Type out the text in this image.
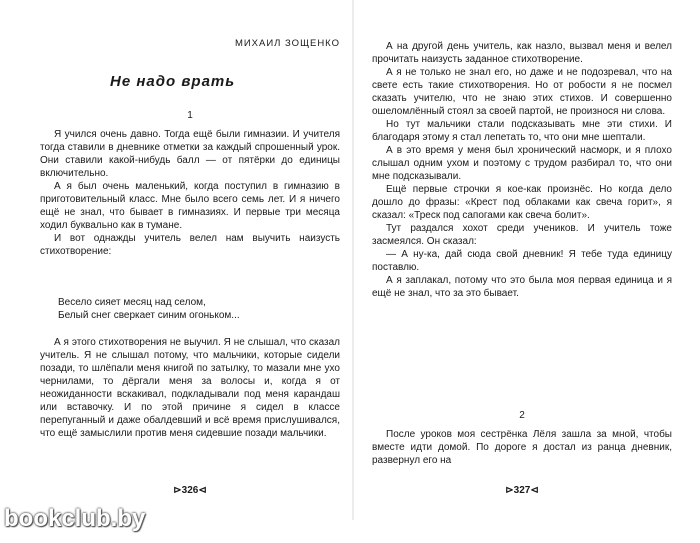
МИХАИЛ ЗОЩЕНКО
Не надо врать
1

Я учился очень давно. Тогда ещё были гимназии. И учителя тогда ставили в дневнике отметки за каждый спрошенный урок. Они ставили какой-нибудь балл — от пятёрки до единицы включительно.

А я был очень маленький, когда поступил в гимназию в приготовительный класс. Мне было всего семь лет. И я ничего ещё не знал, что бывает в гимназиях. И первые три месяца ходил буквально как в тумане.

И вот однажды учитель велел нам выучить наизусть стихотворение:

Весело сияет месяц над селом,
Белый снег сверкает синим огоньком...

А я этого стихотворения не выучил. Я не слышал, что сказал учитель. Я не слышал потому, что мальчики, которые сидели позади, то шлёпали меня книгой по затылку, то мазали мне ухо чернилами, то дёргали меня за волосы и, когда я от неожиданности вскакивал, подкладывали под меня карандаш или вставочку. И по этой причине я сидел в классе перепуганный и даже обалдевший и всё время прислушивался, что ещё замыслили против меня сидевшие позади мальчики.

⊳326⊲

А на другой день учитель, как назло, вызвал меня и велел прочитать наизусть заданное стихотворение.

А я не только не знал его, но даже и не подозревал, что на свете есть такие стихотворения. Но от робости я не посмел сказать учителю, что не знаю этих стихов. И совершенно ошеломлённый стоял за своей партой, не произнося ни слова.

Но тут мальчики стали подсказывать мне эти стихи. И благодаря этому я стал лепетать то, что они мне шептали.

А в это время у меня был хронический насморк, и я плохо слышал одним ухом и поэтому с трудом разбирал то, что они мне подсказывали.

Ещё первые строчки я кое-как произнёс. Но когда дело дошло до фразы: «Крест под облаками как свеча горит», я сказал: «Треск под сапогами как свеча болит».

Тут раздался хохот среди учеников. И учитель тоже засмеялся. Он сказал:

— А ну-ка, дай сюда свой дневник! Я тебе туда единицу поставлю.

А я заплакал, потому что это была моя первая единица и я ещё не знал, что за это бывает.

2

После уроков моя сестрёнка Лёля зашла за мной, чтобы вместе идти домой. По дороге я достал из ранца дневник, развернул его на

⊳327⊲
bookclub.by
